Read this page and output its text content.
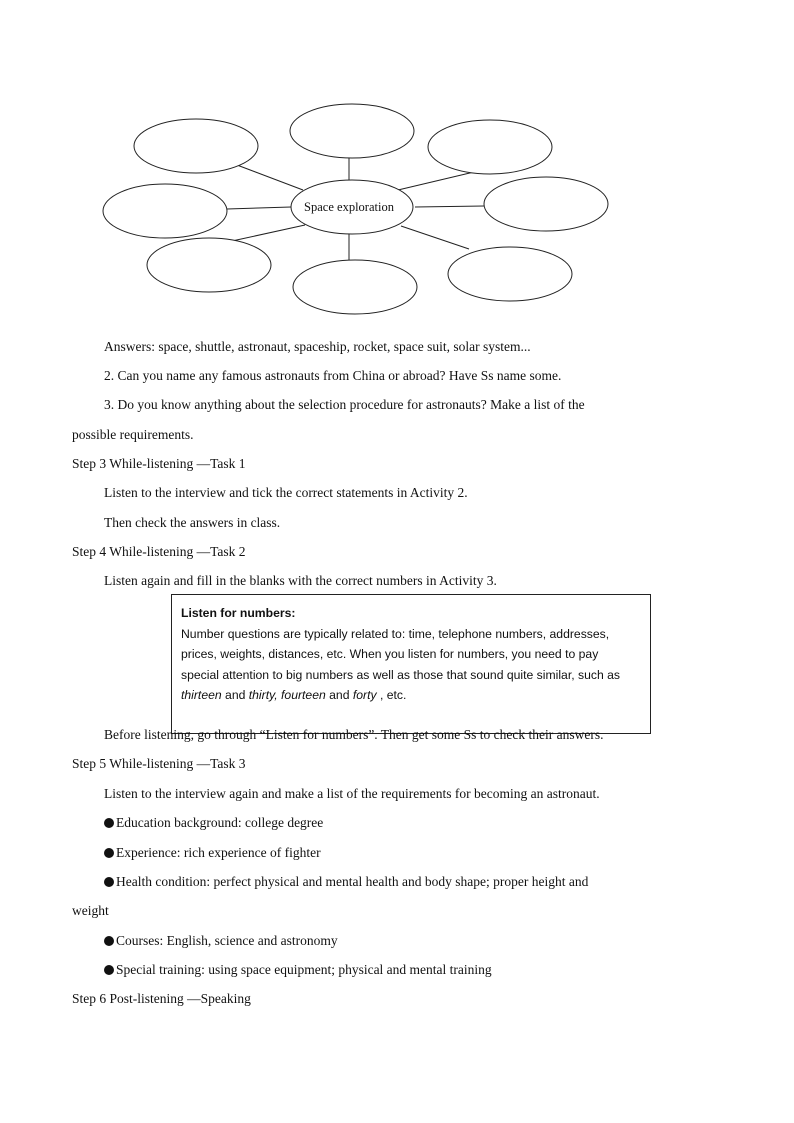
Space exploration
Answers: space, shuttle, astronaut, spaceship, rocket, space suit, solar system...
2. Can you name any famous astronauts from China or abroad? Have Ss name some.
3. Do you know anything about the selection procedure for astronauts? Make a list of the
possible requirements.
Step 3 While-listening —Task 1
Listen to the interview and tick the correct statements in Activity 2.
Then check the answers in class.
Step 4 While-listening —Task 2
Listen again and fill in the blanks with the correct numbers in Activity 3.
Listen for numbers:
Number questions are typically related to: time, telephone numbers, addresses,
prices, weights, distances, etc. When you listen for numbers, you need to pay
special attention to big numbers as well as those that sound quite similar, such as
thirteen and thirty, fourteen and forty , etc.
Before listening, go through “Listen for numbers”. Then get some Ss to check their answers.
Step 5 While-listening —Task 3
Listen to the interview again and make a list of the requirements for becoming an astronaut.
Education background: college degree
Experience: rich experience of fighter
Health condition: perfect physical and mental health and body shape; proper height and
weight
Courses: English, science and astronomy
Special training: using space equipment; physical and mental training
Step 6 Post-listening —Speaking
